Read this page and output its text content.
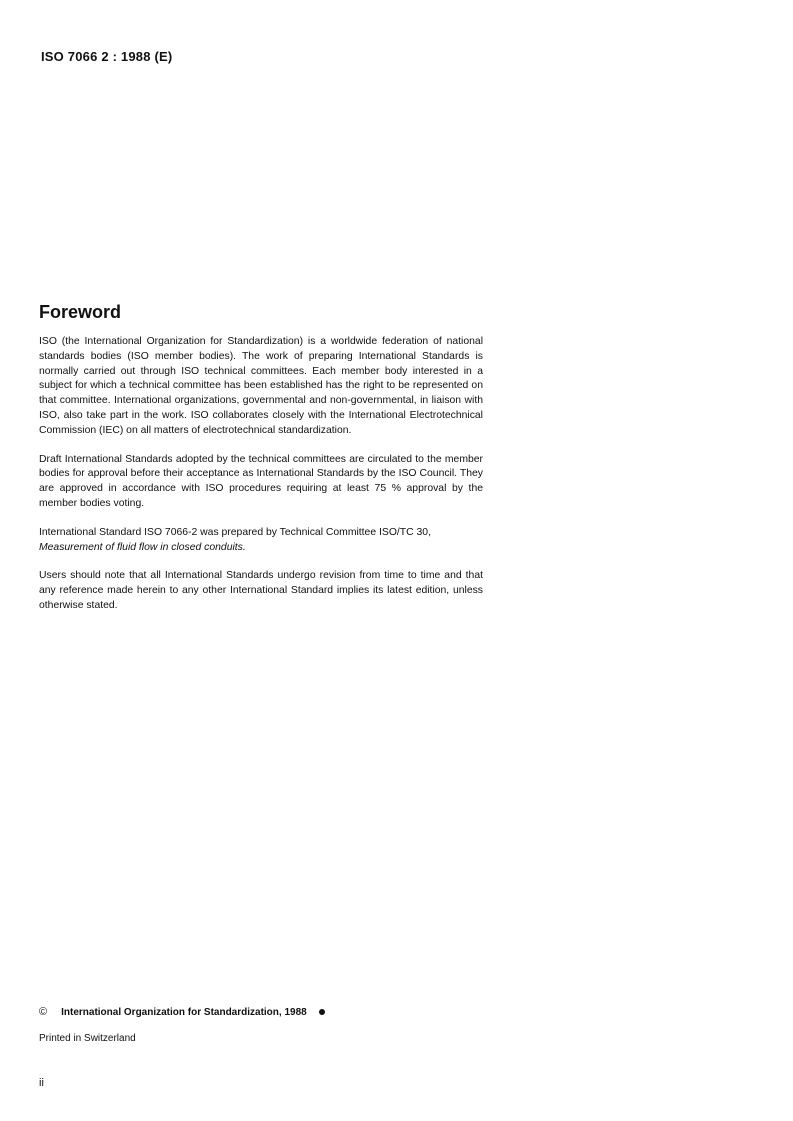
ISO 7066 2 : 1988 (E)
Foreword

ISO (the International Organization for Standardization) is a worldwide federation of national standards bodies (ISO member bodies). The work of preparing International Standards is normally carried out through ISO technical committees. Each member body interested in a subject for which a technical committee has been established has the right to be represented on that committee. International organizations, governmental and non-governmental, in liaison with ISO, also take part in the work. ISO collaborates closely with the International Electrotechnical Commission (IEC) on all matters of electrotechnical standardization.

Draft International Standards adopted by the technical committees are circulated to the member bodies for approval before their acceptance as International Standards by the ISO Council. They are approved in accordance with ISO procedures requiring at least 75 % approval by the member bodies voting.

International Standard ISO 7066-2 was prepared by Technical Committee ISO/TC 30,
Measurement of fluid flow in closed conduits.

Users should note that all International Standards undergo revision from time to time and that any reference made herein to any other International Standard implies its latest edition, unless otherwise stated.

© International Organization for Standardization, 1988
Printed in Switzerland
ii
